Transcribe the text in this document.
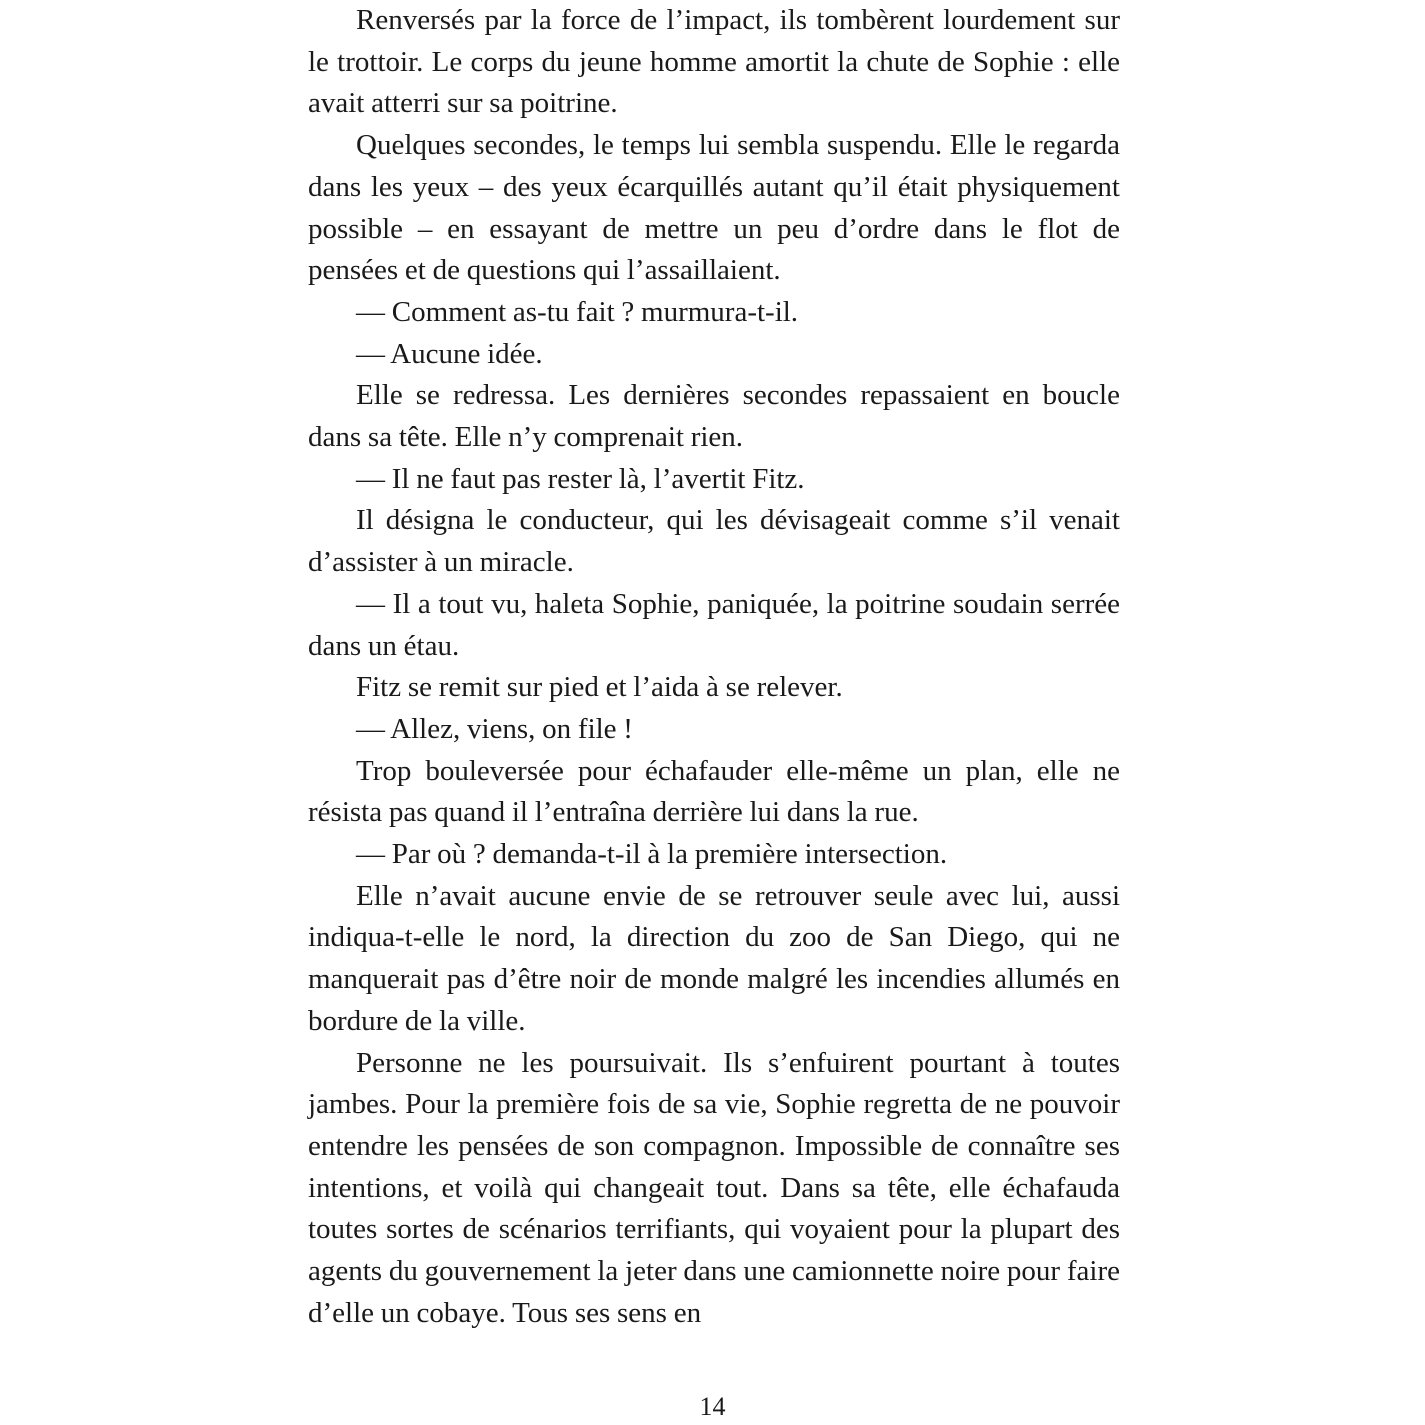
Renversés par la force de l’impact, ils tombèrent lourdement sur le trottoir. Le corps du jeune homme amortit la chute de Sophie : elle avait atterri sur sa poitrine.

Quelques secondes, le temps lui sembla suspendu. Elle le regarda dans les yeux – des yeux écarquillés autant qu’il était physiquement possible – en essayant de mettre un peu d’ordre dans le flot de pensées et de questions qui l’assaillaient.

— Comment as-tu fait ? murmura-t-il.

— Aucune idée.

Elle se redressa. Les dernières secondes repassaient en boucle dans sa tête. Elle n’y comprenait rien.

— Il ne faut pas rester là, l’avertit Fitz.

Il désigna le conducteur, qui les dévisageait comme s’il venait d’assister à un miracle.

— Il a tout vu, haleta Sophie, paniquée, la poitrine soudain serrée dans un étau.

Fitz se remit sur pied et l’aida à se relever.

— Allez, viens, on file !

Trop bouleversée pour échafauder elle-même un plan, elle ne résista pas quand il l’entraîna derrière lui dans la rue.

— Par où ? demanda-t-il à la première intersection.

Elle n’avait aucune envie de se retrouver seule avec lui, aussi indiqua-t-elle le nord, la direction du zoo de San Diego, qui ne manquerait pas d’être noir de monde malgré les incendies allumés en bordure de la ville.

Personne ne les poursuivait. Ils s’enfuirent pourtant à toutes jambes. Pour la première fois de sa vie, Sophie regretta de ne pouvoir entendre les pensées de son compagnon. Impossible de connaître ses intentions, et voilà qui changeait tout. Dans sa tête, elle échafauda toutes sortes de scénarios terrifiants, qui voyaient pour la plupart des agents du gouvernement la jeter dans une camionnette noire pour faire d’elle un cobaye. Tous ses sens en

14
